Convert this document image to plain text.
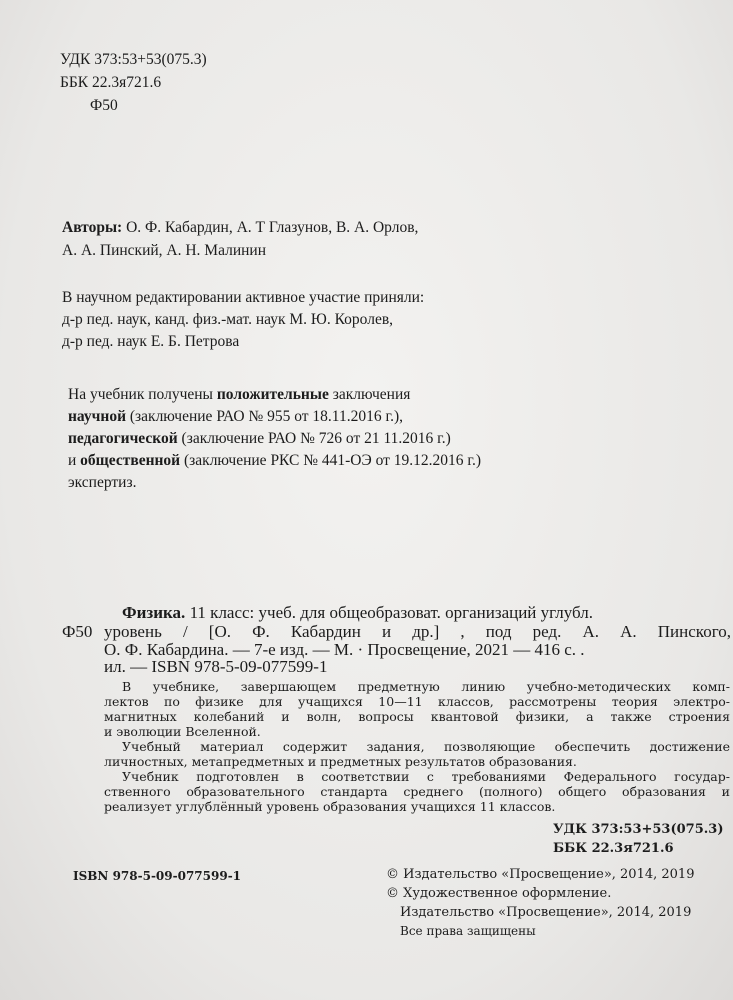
УДК 373:53+53(075.3)
ББК 22.3я721.6
Ф50
Авторы: О. Ф. Кабардин, А. Т Глазунов, В. А. Орлов,
А. А. Пинский, А. Н. Малинин
В научном редактировании активное участие приняли:
д-р пед. наук, канд. физ.-мат. наук М. Ю. Королев,
д-р пед. наук Е. Б. Петрова
На учебник получены положительные заключения
научной (заключение РАО № 955 от 18.11.2016 г.),
педагогической (заключение РАО № 726 от 21 11.2016 г.)
и общественной (заключение РКС № 441-ОЭ от 19.12.2016 г.)
экспертиз.
Ф50
Физика. 11 класс: учеб. для общеобразоват. организаций углубл.
уровень / [О. Ф. Кабардин и др.] , под ред. А. А. Пинского,
О. Ф. Кабардина. — 7-е изд. — М. · Просвещение, 2021 — 416 с. .
ил. — ISBN 978-5-09-077599-1
В учебнике, завершающем предметную линию учебно-методических комп-
лектов по физике для учащихся 10—11 классов, рассмотрены теория электро-
магнитных колебаний и волн, вопросы квантовой физики, а также строения
и эволюции Вселенной.
Учебный материал содержит задания, позволяющие обеспечить достижение
личностных, метапредметных и предметных результатов образования.
Учебник подготовлен в соответствии с требованиями Федерального государ-
ственного образовательного стандарта среднего (полного) общего образования и
реализует углублённый уровень образования учащихся 11 классов.
УДК 373:53+53(075.3)
ББК 22.3я721.6
ISBN 978-5-09-077599-1	© Издательство «Просвещение», 2014, 2019
© Художественное оформление.
Издательство «Просвещение», 2014, 2019
Все права защищены
